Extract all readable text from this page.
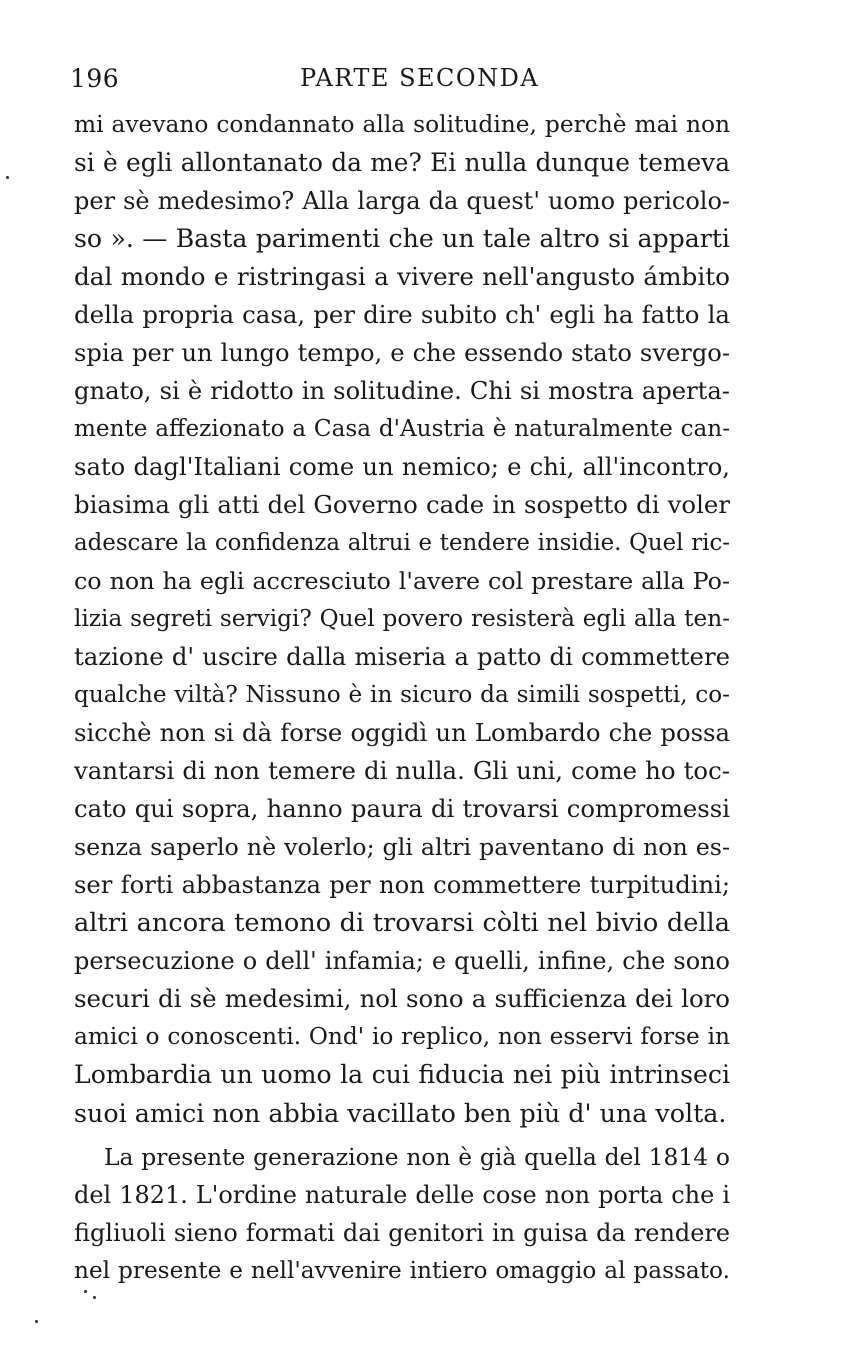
196	PARTE SECONDA
mi avevano condannato alla solitudine, perchè mai non
si è egli allontanato da me? Ei nulla dunque temeva
per sè medesimo? Alla larga da quest' uomo pericolo-
so ». — Basta parimenti che un tale altro si apparti
dal mondo e ristringasi a vivere nell'angusto ámbito
della propria casa, per dire subito ch' egli ha fatto la
spia per un lungo tempo, e che essendo stato svergo-
gnato, si è ridotto in solitudine. Chi si mostra aperta-
mente affezionato a Casa d'Austria è naturalmente can-
sato dagl'Italiani come un nemico; e chi, all'incontro,
biasima gli atti del Governo cade in sospetto di voler
adescare la confidenza altrui e tendere insidie. Quel ric-
co non ha egli accresciuto l'avere col prestare alla Po-
lizia segreti servigi? Quel povero resisterà egli alla ten-
tazione d' uscire dalla miseria a patto di commettere
qualche viltà? Nissuno è in sicuro da simili sospetti, co-
sicchè non si dà forse oggidì un Lombardo che possa
vantarsi di non temere di nulla. Gli uni, come ho toc-
cato qui sopra, hanno paura di trovarsi compromessi
senza saperlo nè volerlo; gli altri paventano di non es-
ser forti abbastanza per non commettere turpitudini;
altri ancora temono di trovarsi còlti nel bivio della
persecuzione o dell' infamia; e quelli, infine, che sono
securi di sè medesimi, nol sono a sufficienza dei loro
amici o conoscenti. Ond' io replico, non esservi forse in
Lombardia un uomo la cui fiducia nei più intrinseci
suoi amici non abbia vacillato ben più d' una volta.
La presente generazione non è già quella del 1814 o
del 1821. L'ordine naturale delle cose non porta che i
figliuoli sieno formati dai genitori in guisa da rendere
nel presente e nell'avvenire intiero omaggio al passato.
